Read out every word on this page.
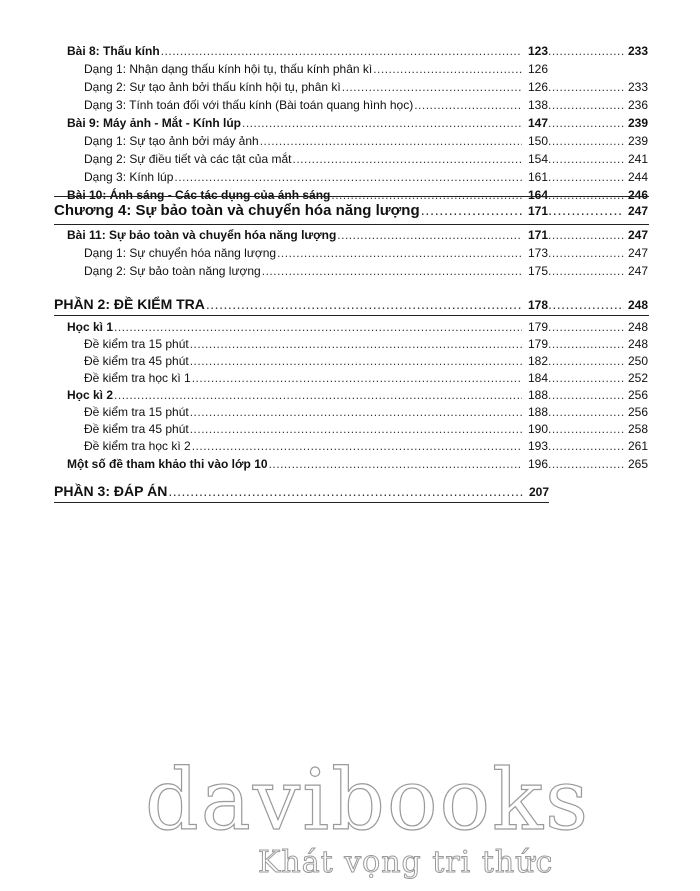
Bài 8: Thấu kính .....	123 .....	233
Dạng 1: Nhận dạng thấu kính hội tụ, thấu kính phân kì .....	126
Dạng 2: Sự tạo ảnh bởi thấu kính hội tụ, phân kì .....	126 .....	233
Dạng 3: Tính toán đối với thấu kính (Bài toán quang hình học) .....	138 .....	236
Bài 9: Máy ảnh - Mắt - Kính lúp .....	147 .....	239
Dạng 1: Sự tạo ảnh bởi máy ảnh .....	150 .....	239
Dạng 2: Sự điều tiết và các tật của mắt .....	154 .....	241
Dạng 3: Kính lúp .....	161 .....	244
Bài 10: Ánh sáng - Các tác dụng của ánh sáng .....	164 .....	246
Chương 4: Sự bảo toàn và chuyển hóa năng lượng .....	171 .....	247
Bài 11: Sự bảo toàn và chuyển hóa năng lượng .....	171 .....	247
Dạng 1: Sự chuyển hóa năng lượng .....	173 .....	247
Dạng 2: Sự bảo toàn năng lượng .....	175 .....	247
PHẦN 2: ĐỀ KIỂM TRA .....	178 .....	248
Học kì 1 .....	179 .....	248
Đề kiểm tra 15 phút .....	179 .....	248
Đề kiểm tra 45 phút .....	182 .....	250
Đề kiểm tra học kì 1 .....	184 .....	252
Học kì 2 .....	188 .....	256
Đề kiểm tra 15 phút .....	188 .....	256
Đề kiểm tra 45 phút .....	190 .....	258
Đề kiểm tra học kì 2 .....	193 .....	261
Một số đề tham khảo thi vào lớp 10 .....	196 .....	265
PHẦN 3: ĐÁP ÁN .....	207
davibooks
Khát vọng tri thức
